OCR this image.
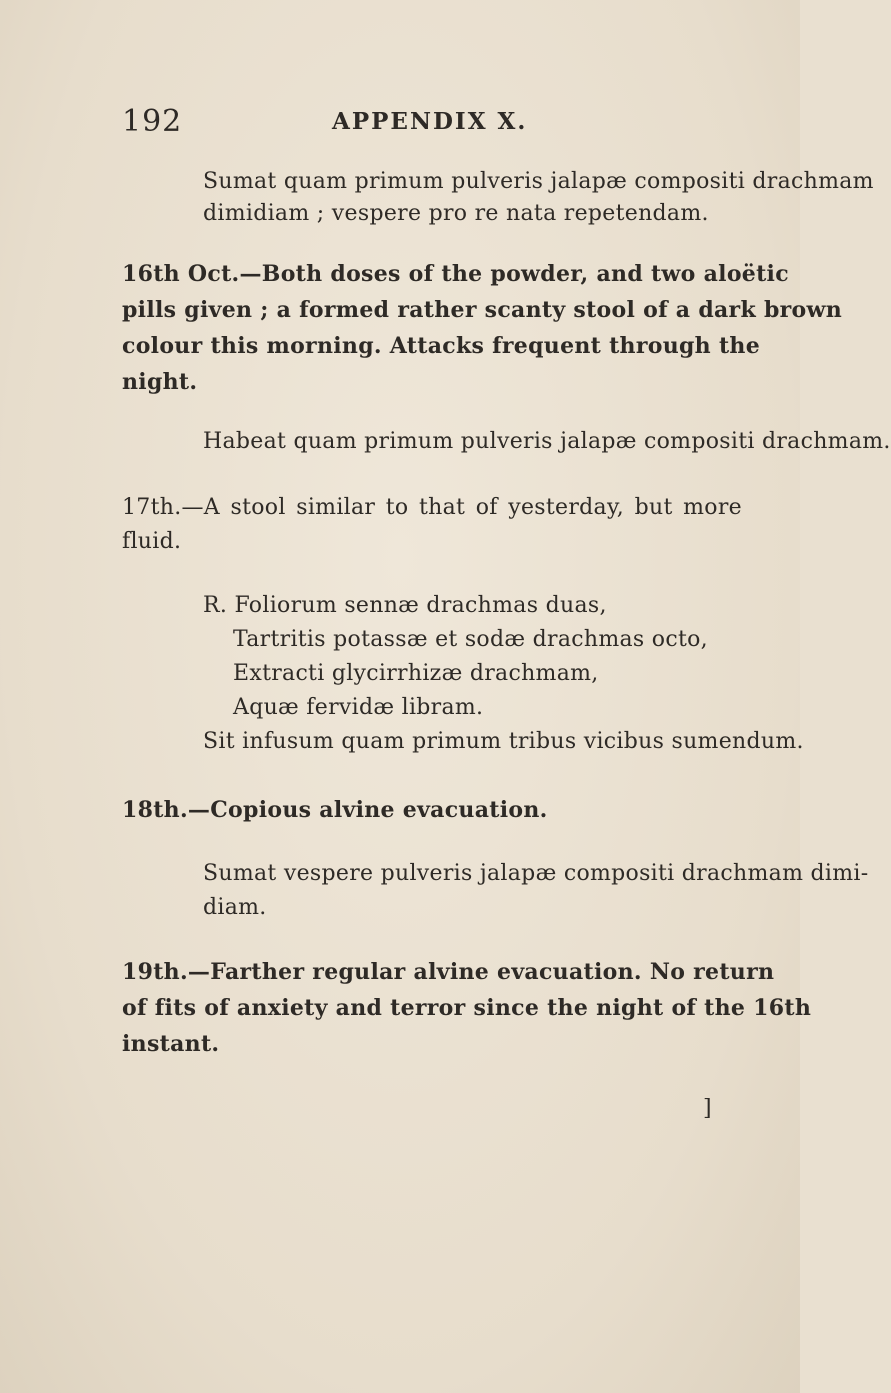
192	APPENDIX X.
Sumat quam primum pulveris jalapæ compositi drachmam
dimidiam ; vespere pro re nata repetendam.
16th Oct.—Both doses of the powder, and two aloëtic
pills given ; a formed rather scanty stool of a dark brown
colour this morning. Attacks frequent through the
night.
Habeat quam primum pulveris jalapæ compositi drachmam.
17th.—A stool similar to that of yesterday, but more
fluid.
R. Foliorum sennæ drachmas duas,
Tartritis potassæ et sodæ drachmas octo,
Extracti glycirrhizæ drachmam,
Aquæ fervidæ libram.
Sit infusum quam primum tribus vicibus sumendum.
18th.—Copious alvine evacuation.
Sumat vespere pulveris jalapæ compositi drachmam dimi-
diam.
19th.—Farther regular alvine evacuation. No return
of fits of anxiety and terror since the night of the 16th
instant.
]
